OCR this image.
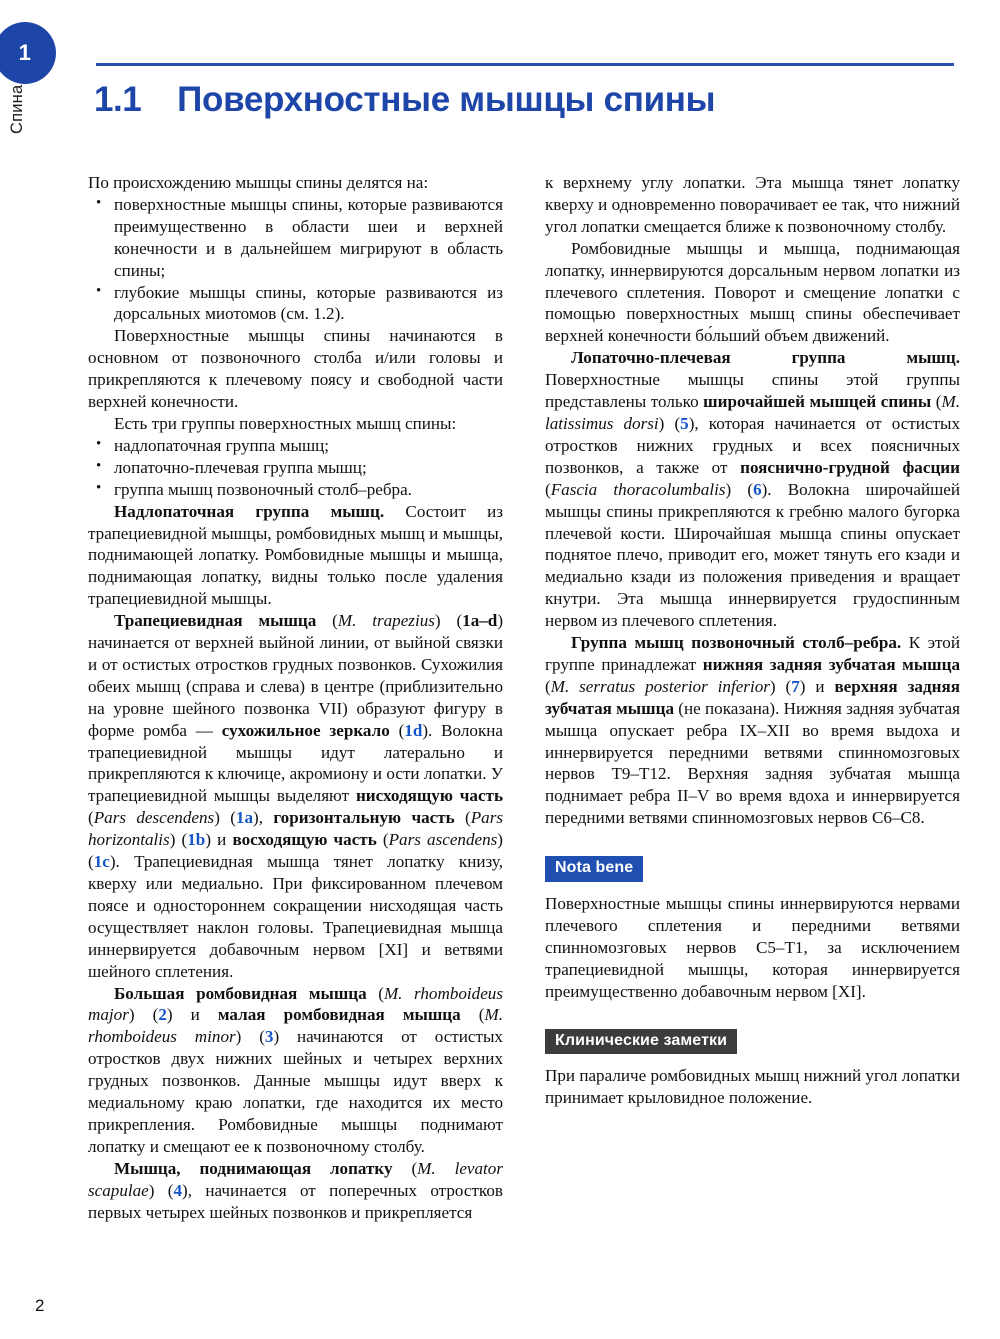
1
Спина 1.1 Поверхностные мышцы спины

По происхождению мышцы спины делятся на:

• поверхностные мышцы спины, которые развиваются преимущественно в области шеи и верхней конечности и в дальнейшем мигрируют в область спины;
• глубокие мышцы спины, которые развиваются из дорсальных миотомов (см. 1.2).

Поверхностные мышцы спины начинаются в основном от позвоночного столба и/или головы и прикрепляются к плечевому поясу и свободной части верхней конечности.

Есть три группы поверхностных мышц спины:

• надлопаточная группа мышц;
• лопаточно-плечевая группа мышц;
• группа мышц позвоночный столб–ребра.

Надлопаточная группа мышц. Состоит из трапециевидной мышцы, ромбовидных мышц и мышцы, поднимающей лопатку. Ромбовидные мышцы и мышца, поднимающая лопатку, видны только после удаления трапециевидной мышцы.

Трапециевидная мышца (M. trapezius) (1a–d) начинается от верхней выйной линии, от выйной связки и от остистых отростков грудных позвонков. Сухожилия обеих мышц (справа и слева) в центре (приблизительно на уровне шейного позвонка VII) образуют фигуру в форме ромба — сухожильное зеркало (1d). Волокна трапециевидной мышцы идут латерально и прикрепляются к ключице, акромиону и ости лопатки. У трапециевидной мышцы выделяют нисходящую часть (Pars descendens) (1a), горизонтальную часть (Pars horizontalis) (1b) и восходящую часть (Pars ascendens) (1c). Трапециевидная мышца тянет лопатку книзу, кверху или медиально. При фиксированном плечевом поясе и одностороннем сокращении нисходящая часть осуществляет наклон головы. Трапециевидная мышца иннервируется добавочным нервом [XI] и ветвями шейного сплетения.

Большая ромбовидная мышца (M. rhomboideus major) (2) и малая ромбовидная мышца (M. rhomboideus minor) (3) начинаются от остистых отростков двух нижних шейных и четырех верхних грудных позвонков. Данные мышцы идут вверх к медиальному краю лопатки, где находится их место прикрепления. Ромбовидные мышцы поднимают лопатку и смещают ее к позвоночному столбу.

Мышца, поднимающая лопатку (M. levator scapulae) (4), начинается от поперечных отростков первых четырех шейных позвонков и прикрепляется

к верхнему углу лопатки. Эта мышца тянет лопатку кверху и одновременно поворачивает ее так, что нижний угол лопатки смещается ближе к позвоночному столбу.

Ромбовидные мышцы и мышца, поднимающая лопатку, иннервируются дорсальным нервом лопатки из плечевого сплетения. Поворот и смещение лопатки с помощью поверхностных мышц спины обеспечивает верхней конечности бо́льший объем движений.

Лопаточно-плечевая группа мышц. Поверхностные мышцы спины этой группы представлены только широчайшей мышцей спины (M. latissimus dorsi) (5), которая начинается от остистых отростков нижних грудных и всех поясничных позвонков, а также от пояснично-грудной фасции (Fascia thoracolumbalis) (6). Волокна широчайшей мышцы спины прикрепляются к гребню малого бугорка плечевой кости. Широчайшая мышца спины опускает поднятое плечо, приводит его, может тянуть его кзади и медиально кзади из положения приведения и вращает кнутри. Эта мышца иннервируется грудоспинным нервом из плечевого сплетения.

Группа мышц позвоночный столб–ребра. К этой группе принадлежат нижняя задняя зубчатая мышца (M. serratus posterior inferior) (7) и верхняя задняя зубчатая мышца (не показана). Нижняя задняя зубчатая мышца опускает ребра IX–XII во время выдоха и иннервируется передними ветвями спинномозговых нервов Т9–Т12. Верхняя задняя зубчатая мышца поднимает ребра II–V во время вдоха и иннервируется передними ветвями спинномозговых нервов С6–С8.

Nota bene

Поверхностные мышцы спины иннервируются нервами плечевого сплетения и передними ветвями спинномозговых нервов С5–Т1, за исключением трапециевидной мышцы, которая иннервируется преимущественно добавочным нервом [XI].

Клинические заметки

При параличе ромбовидных мышц нижний угол лопатки принимает крыловидное положение.

2
